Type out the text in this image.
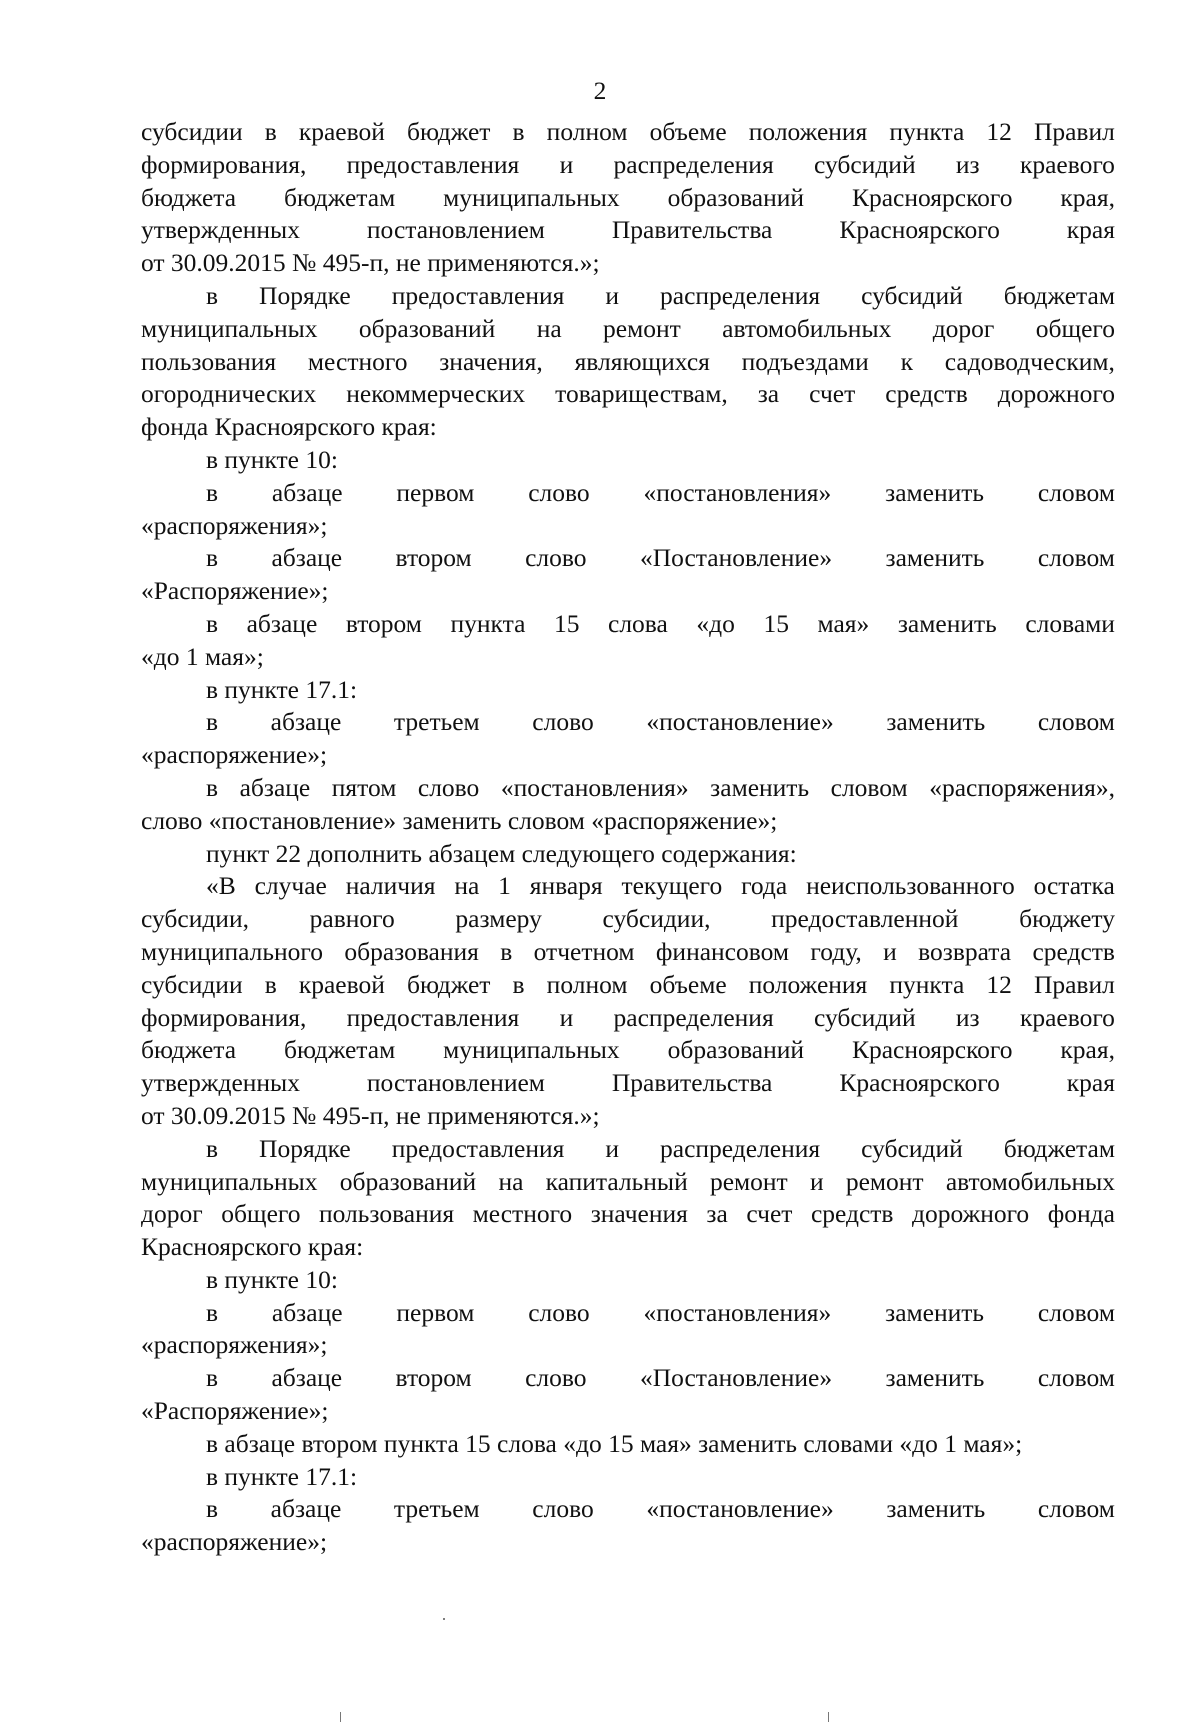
2
субсидии в краевой бюджет в полном объеме положения пункта 12 Правил
формирования, предоставления и распределения субсидий из краевого
бюджета бюджетам муниципальных образований Красноярского края,
утвержденных	постановлением	Правительства	Красноярского	края
от 30.09.2015 № 495-п, не применяются.»;
в Порядке предоставления и распределения субсидий бюджетам
муниципальных образований на ремонт автомобильных дорог общего
пользования местного значения, являющихся подъездами к садоводческим,
огороднических некоммерческих товариществам, за счет средств дорожного
фонда Красноярского края:
в пункте 10:
в абзаце первом слово «постановления» заменить словом
«распоряжения»;
в абзаце втором слово «Постановление» заменить словом
«Распоряжение»;
в абзаце втором пункта 15 слова «до 15 мая» заменить словами
«до 1 мая»;
в пункте 17.1:
в абзаце третьем слово «постановление» заменить словом
«распоряжение»;
в абзаце пятом слово «постановления» заменить словом «распоряжения»,
слово «постановление» заменить словом «распоряжение»;
пункт 22 дополнить абзацем следующего содержания:
«В случае наличия на 1 января текущего года неиспользованного остатка
субсидии, равного размеру субсидии, предоставленной бюджету
муниципального образования в отчетном финансовом году, и возврата средств
субсидии в краевой бюджет в полном объеме положения пункта 12 Правил
формирования, предоставления и распределения субсидий из краевого
бюджета бюджетам муниципальных образований Красноярского края,
утвержденных	постановлением	Правительства	Красноярского	края
от 30.09.2015 № 495-п, не применяются.»;
в Порядке предоставления и распределения субсидий бюджетам
муниципальных образований на капитальный ремонт и ремонт автомобильных
дорог общего пользования местного значения за счет средств дорожного фонда
Красноярского края:
в пункте 10:
в абзаце первом слово «постановления» заменить словом
«распоряжения»;
в абзаце втором слово «Постановление» заменить словом
«Распоряжение»;
в абзаце втором пункта 15 слова «до 15 мая» заменить словами «до 1 мая»;
в пункте 17.1:
в абзаце третьем слово «постановление» заменить словом
«распоряжение»;
